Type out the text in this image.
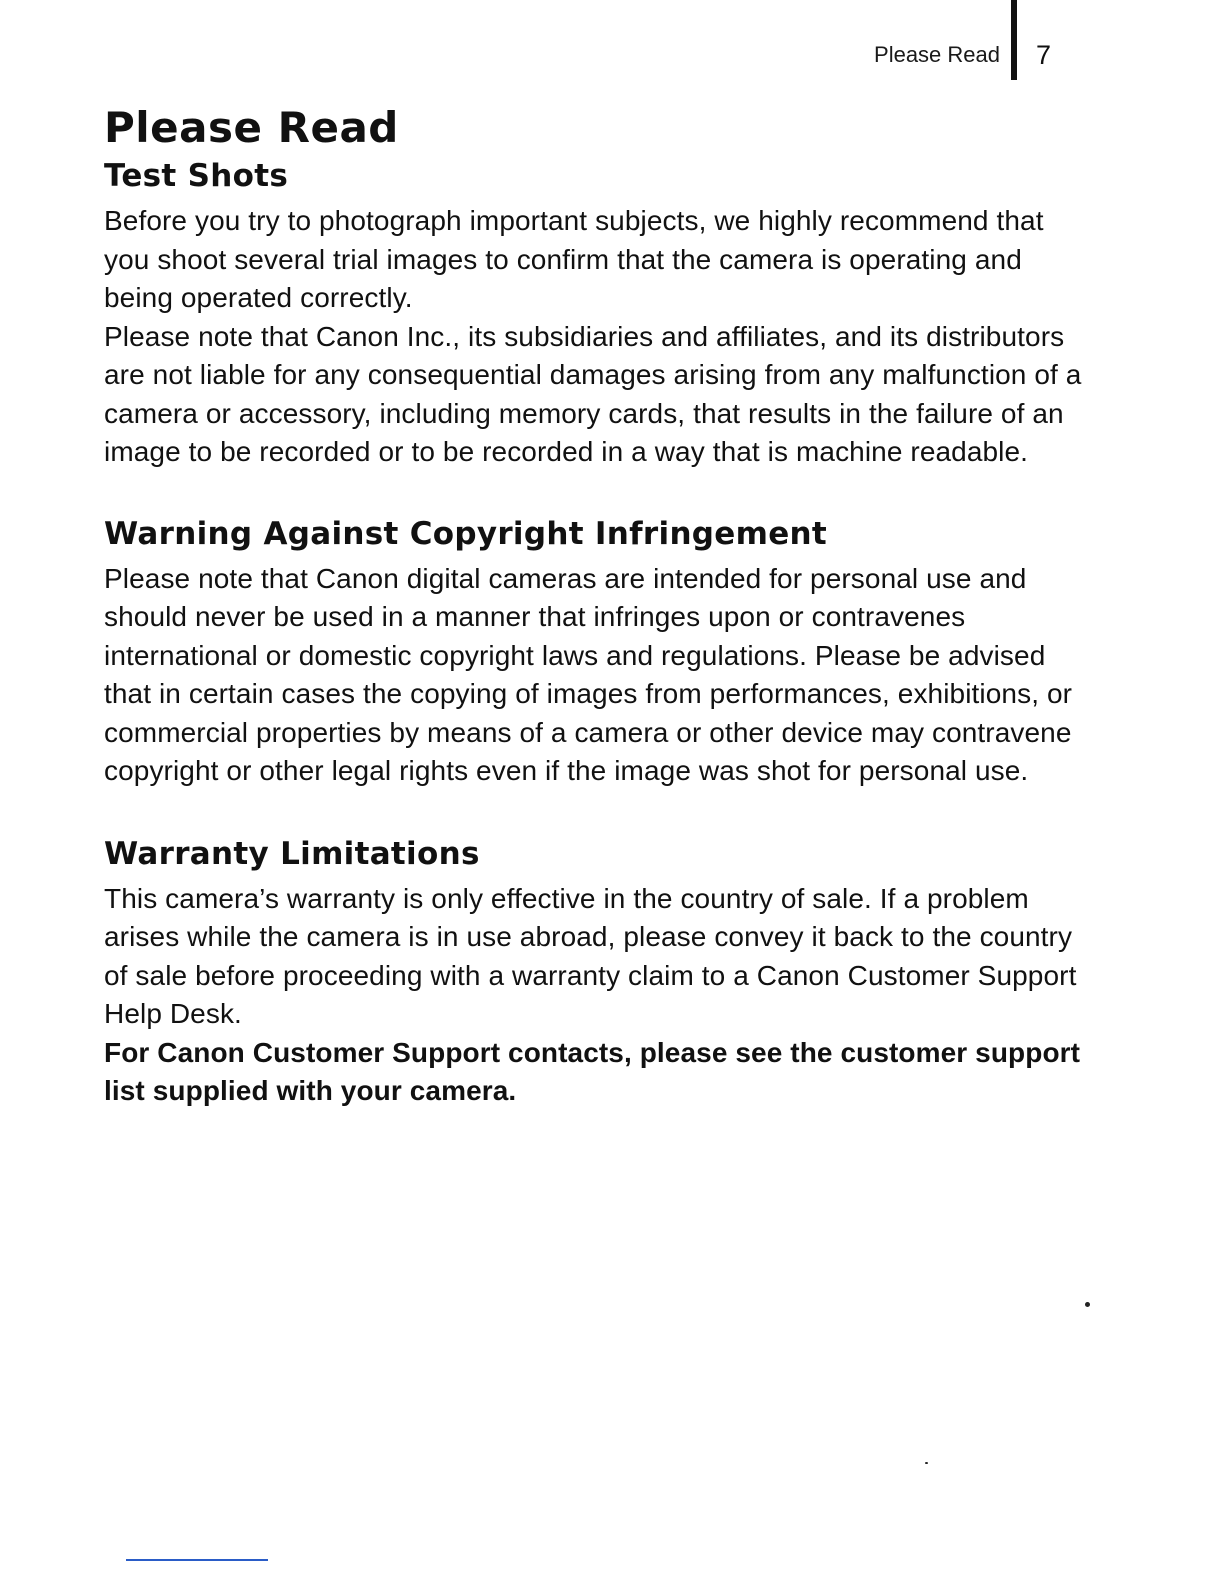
Please Read 7
Please Read
Test Shots

Before you try to photograph important subjects, we highly recommend that you shoot several trial images to confirm that the camera is operating and being operated correctly.

Please note that Canon Inc., its subsidiaries and affiliates, and its distributors are not liable for any consequential damages arising from any malfunction of a camera or accessory, including memory cards, that results in the failure of an image to be recorded or to be recorded in a way that is machine readable.

Warning Against Copyright Infringement

Please note that Canon digital cameras are intended for personal use and should never be used in a manner that infringes upon or contravenes international or domestic copyright laws and regulations. Please be advised that in certain cases the copying of images from performances, exhibitions, or commercial properties by means of a camera or other device may contravene copyright or other legal rights even if the image was shot for personal use.

Warranty Limitations

This camera’s warranty is only effective in the country of sale. If a problem arises while the camera is in use abroad, please convey it back to the country of sale before proceeding with a warranty claim to a Canon Customer Support Help Desk.

For Canon Customer Support contacts, please see the customer support list supplied with your camera.
